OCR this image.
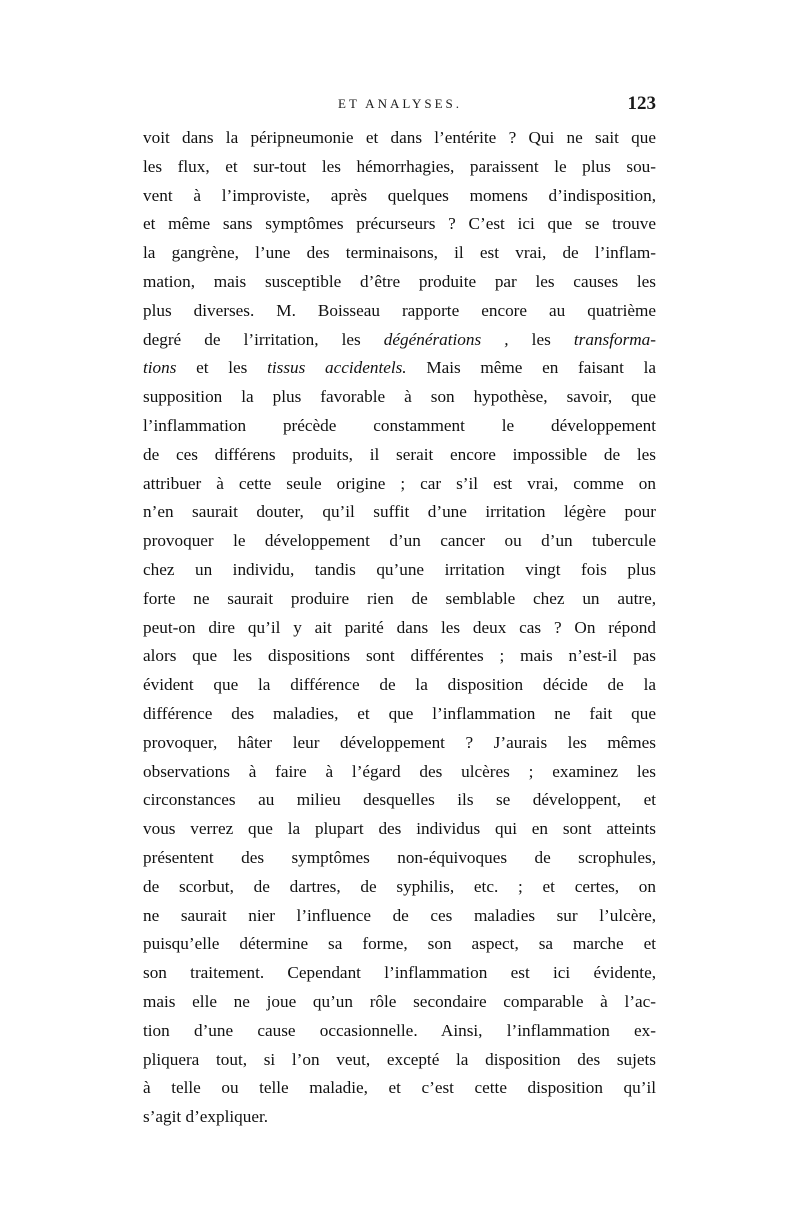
ET ANALYSES.	123
voit dans la péripneumonie et dans l’entérite ? Qui ne sait que
les flux, et sur-tout les hémorrhagies, paraissent le plus sou-
vent à l’improviste, après quelques momens d’indisposition,
et même sans symptômes précurseurs ? C’est ici que se trouve
la gangrène, l’une des terminaisons, il est vrai, de l’inflam-
mation, mais susceptible d’être produite par les causes les
plus diverses. M. Boisseau rapporte encore au quatrième
degré de l’irritation, les dégénérations , les transforma-
tions et les tissus accidentels. Mais même en faisant la
supposition la plus favorable à son hypothèse, savoir, que
l’inflammation précède constamment le développement
de ces différens produits, il serait encore impossible de les
attribuer à cette seule origine ; car s’il est vrai, comme on
n’en saurait douter, qu’il suffit d’une irritation légère pour
provoquer le développement d’un cancer ou d’un tubercule
chez un individu, tandis qu’une irritation vingt fois plus
forte ne saurait produire rien de semblable chez un autre,
peut-on dire qu’il y ait parité dans les deux cas ? On répond
alors que les dispositions sont différentes ; mais n’est-il pas
évident que la différence de la disposition décide de la
différence des maladies, et que l’inflammation ne fait que
provoquer, hâter leur développement ? J’aurais les mêmes
observations à faire à l’égard des ulcères ; examinez les
circonstances au milieu desquelles ils se développent, et
vous verrez que la plupart des individus qui en sont atteints
présentent des symptômes non-équivoques de scrophules,
de scorbut, de dartres, de syphilis, etc. ; et certes, on
ne saurait nier l’influence de ces maladies sur l’ulcère,
puisqu’elle détermine sa forme, son aspect, sa marche et
son traitement. Cependant l’inflammation est ici évidente,
mais elle ne joue qu’un rôle secondaire comparable à l’ac-
tion d’une cause occasionnelle. Ainsi, l’inflammation ex-
pliquera tout, si l’on veut, excepté la disposition des sujets
à telle ou telle maladie, et c’est cette disposition qu’il
s’agit d’expliquer.
